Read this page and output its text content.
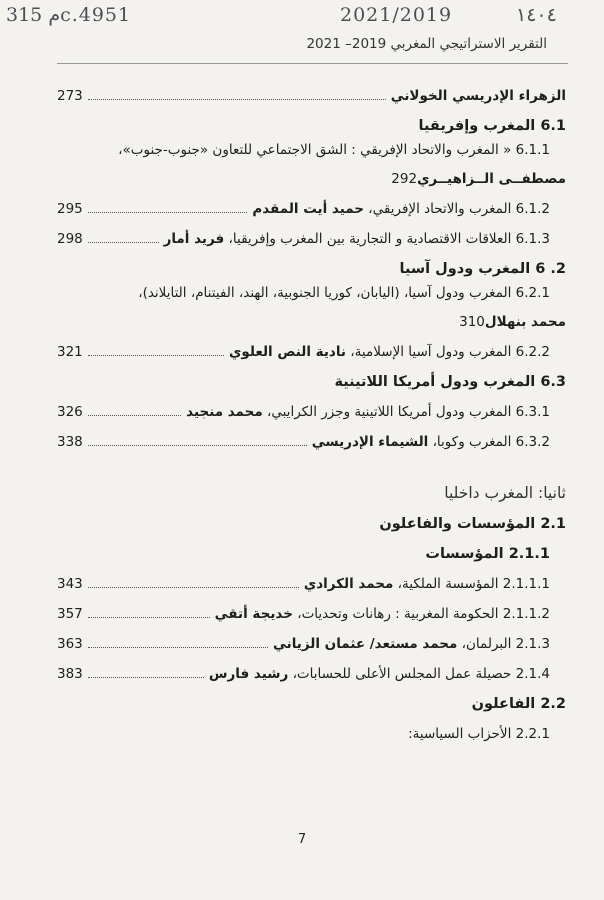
315 مc.4951	2021/2019	١٤٠٤
التقرير الاستراتيجي المغربي 2019– 2021
الزهراء الإدريسي الخولاني
273
6.1 المغرب وإفريقيا
6.1.1 « المغرب والاتحاد الإفريقي : الشق الاجتماعي للتعاون «جنوب-جنوب»،
مصطفــى الــزاهيــري
292
6.1.2 المغرب والاتحاد الإفريقي، حميد أيت المقدم
295
6.1.3 العلاقات الاقتصادية و التجارية بين المغرب وإفريقيا، فريد أمار
298
2. 6 المغرب ودول آسيا
6.2.1 المغرب ودول آسيا، (اليابان، كوريا الجنوبية، الهند، الفيتنام، التايلاند)،
محمد بنهلال
310
6.2.2 المغرب ودول آسيا الإسلامية، نادية النص العلوي
321
6.3 المغرب ودول أمريكا اللاتينية
6.3.1 المغرب ودول أمريكا اللاتينية وجزر الكرايبي، محمد منجيد
326
6.3.2 المغرب وكوبا، الشيماء الإدريسي
338
ثانيا: المغرب داخليا
2.1 المؤسسات والفاعلون
2.1.1 المؤسسات
2.1.1.1 المؤسسة الملكية، محمد الكرادي
343
2.1.1.2 الحكومة المغربية : رهانات وتحديات، خديجة أتقي
357
2.1.3 البرلمان، محمد مستعد/ عثمان الزياني
363
2.1.4 حصيلة عمل المجلس الأعلى للحسابات، رشيد فارس
383
2.2 الفاعلون
2.2.1 الأحزاب السياسية:
7
